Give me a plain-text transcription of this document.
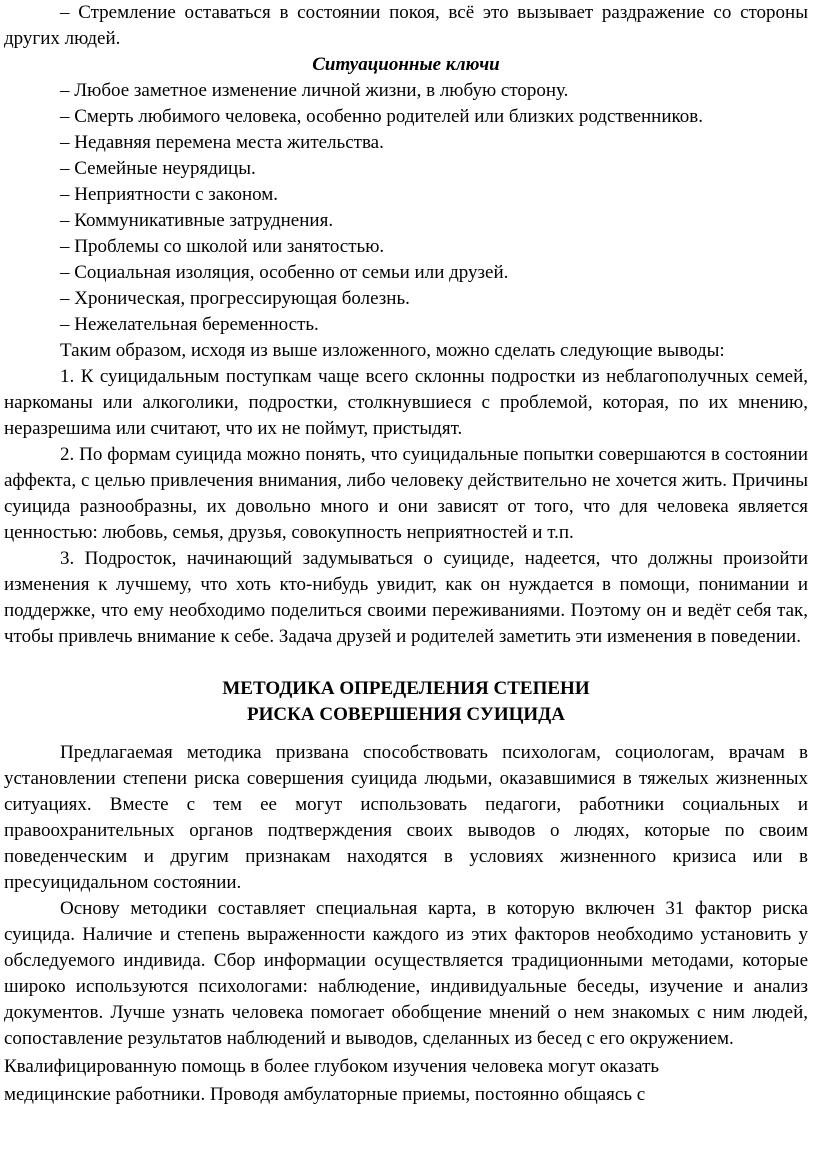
– Стремление оставаться в состоянии покоя, всё это вызывает раздражение со стороны других людей.

Ситуационные ключи

– Любое заметное изменение личной жизни, в любую сторону.

– Смерть любимого человека, особенно родителей или близких родственников.

– Недавняя перемена места жительства.

– Семейные неурядицы.

– Неприятности с законом.

– Коммуникативные затруднения.

– Проблемы со школой или занятостью.

– Социальная изоляция, особенно от семьи или друзей.

– Хроническая, прогрессирующая болезнь.

– Нежелательная беременность.

Таким образом, исходя из выше изложенного, можно сделать следующие выводы:

1. К суицидальным поступкам чаще всего склонны подростки из неблагополучных семей, наркоманы или алкоголики, подростки, столкнувшиеся с проблемой, которая, по их мнению, неразрешима или считают, что их не поймут, пристыдят.

2. По формам суицида можно понять, что суицидальные попытки совершаются в состоянии аффекта, с целью привлечения внимания, либо человеку действительно не хочется жить. Причины суицида разнообразны, их довольно много и они зависят от того, что для человека является ценностью: любовь, семья, друзья, совокупность неприятностей и т.п.

3. Подросток, начинающий задумываться о суициде, надеется, что должны произойти изменения к лучшему, что хоть кто-нибудь увидит, как он нуждается в помощи, понимании и поддержке, что ему необходимо поделиться своими переживаниями. Поэтому он и ведёт себя так, чтобы привлечь внимание к себе. Задача друзей и родителей заметить эти изменения в поведении.

МЕТОДИКА ОПРЕДЕЛЕНИЯ СТЕПЕНИ
РИСКА СОВЕРШЕНИЯ СУИЦИДА

Предлагаемая методика призвана способствовать психологам, социологам, врачам в установлении степени риска совершения суицида людьми, оказавшимися в тяжелых жизненных ситуациях. Вместе с тем ее могут использовать педагоги, работники социальных и правоохранительных органов подтверждения своих выводов о людях, которые по своим поведенческим и другим признакам находятся в условиях жизненного кризиса или в пресуицидальном состоянии.

Основу методики составляет специальная карта, в которую включен 31 фактор риска суицида. Наличие и степень выраженности каждого из этих факторов необходимо установить у обследуемого индивида. Сбор информации осуществляется традиционными методами, которые широко используются психологами: наблюдение, индивидуальные беседы, изучение и анализ документов. Лучше узнать человека помогает обобщение мнений о нем знакомых с ним людей, сопоставление результатов наблюдений и выводов, сделанных из бесед с его окружением.

Квалифицированную помощь в более глубоком изучения человека могут оказать

медицинские работники. Проводя амбулаторные приемы, постоянно общаясь с
